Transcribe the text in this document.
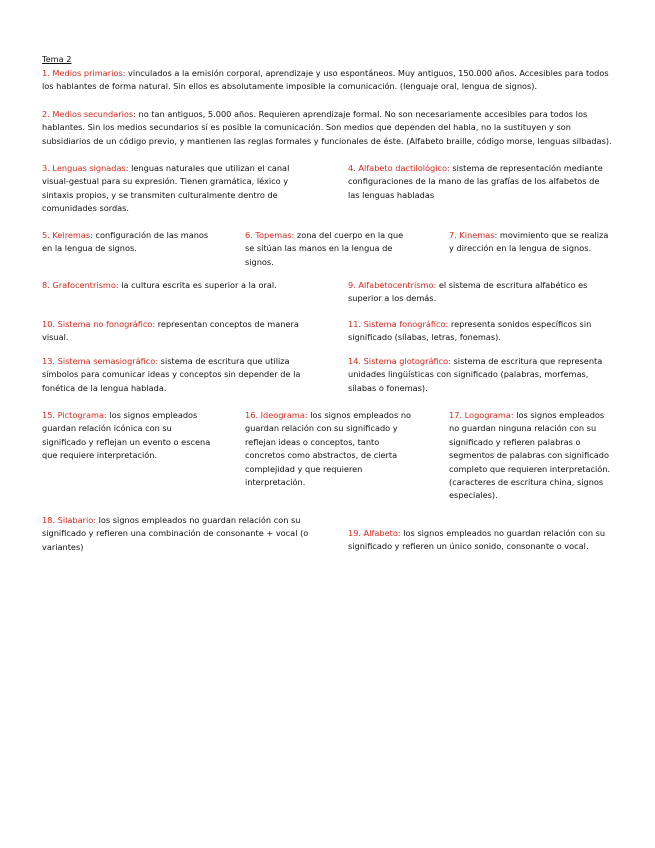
Tema 2
1. Medios primarios: vinculados a la emisión corporal, aprendizaje y uso espontáneos. Muy antiguos, 150.000 años. Accesibles para todos los hablantes de forma natural. Sin ellos es absolutamente imposible la comunicación. (lenguaje oral, lengua de signos).
2. Medios secundarios: no tan antiguos, 5.000 años. Requieren aprendizaje formal. No son necesariamente accesibles para todos los hablantes. Sin los medios secundarios sí es posible la comunicación. Son medios que dependen del habla, no la sustituyen y son subsidiarios de un código previo, y mantienen las reglas formales y funcionales de éste. (Alfabeto braille, código morse, lenguas silbadas).
3. Lenguas signadas: lenguas naturales que utilizan el canal visual-gestual para su expresión. Tienen gramática, léxico y sintaxis propios, y se transmiten culturalmente dentro de comunidades sordas.
4. Alfabeto dactilológico: sistema de representación mediante configuraciones de la mano de las grafías de los alfabetos de las lenguas habladas
5. Keiremas: configuración de las manos en la lengua de signos.
6. Topemas: zona del cuerpo en la que se sitúan las manos en la lengua de signos.
7. Kinemas: movimiento que se realiza y dirección en la lengua de signos.
8. Grafocentrismo: la cultura escrita es superior a la oral.	9. Alfabetocentrismo: el sistema de escritura alfabético es superior a los demás.
10. Sistema no fonográfico: representan conceptos de manera visual.
11. Sistema fonográfico: representa sonidos específicos sin significado (sílabas, letras, fonemas).
13. Sistema semasiográfico: sistema de escritura que utiliza símbolos para comunicar ideas y conceptos sin depender de la fonética de la lengua hablada.
14. Sistema glotográfico: sistema de escritura que representa unidades lingüísticas con significado (palabras, morfemas, sílabas o fonemas).
15. Pictograma: los signos empleados guardan relación icónica con su significado y reflejan un evento o escena que requiere interpretación.
16. Ideograma: los signos empleados no guardan relación con su significado y reflejan ideas o conceptos, tanto concretos como abstractos, de cierta complejidad y que requieren interpretación.
17. Logograma: los signos empleados no guardan ninguna relación con su significado y refieren palabras o segmentos de palabras con significado completo que requieren interpretación. (caracteres de escritura china, signos especiales).
18. Silabario: los signos empleados no guardan relación con su significado y refieren una combinación de consonante + vocal (o variantes)
19. Alfabeto: los signos empleados no guardan relación con su significado y refieren un único sonido, consonante o vocal.
